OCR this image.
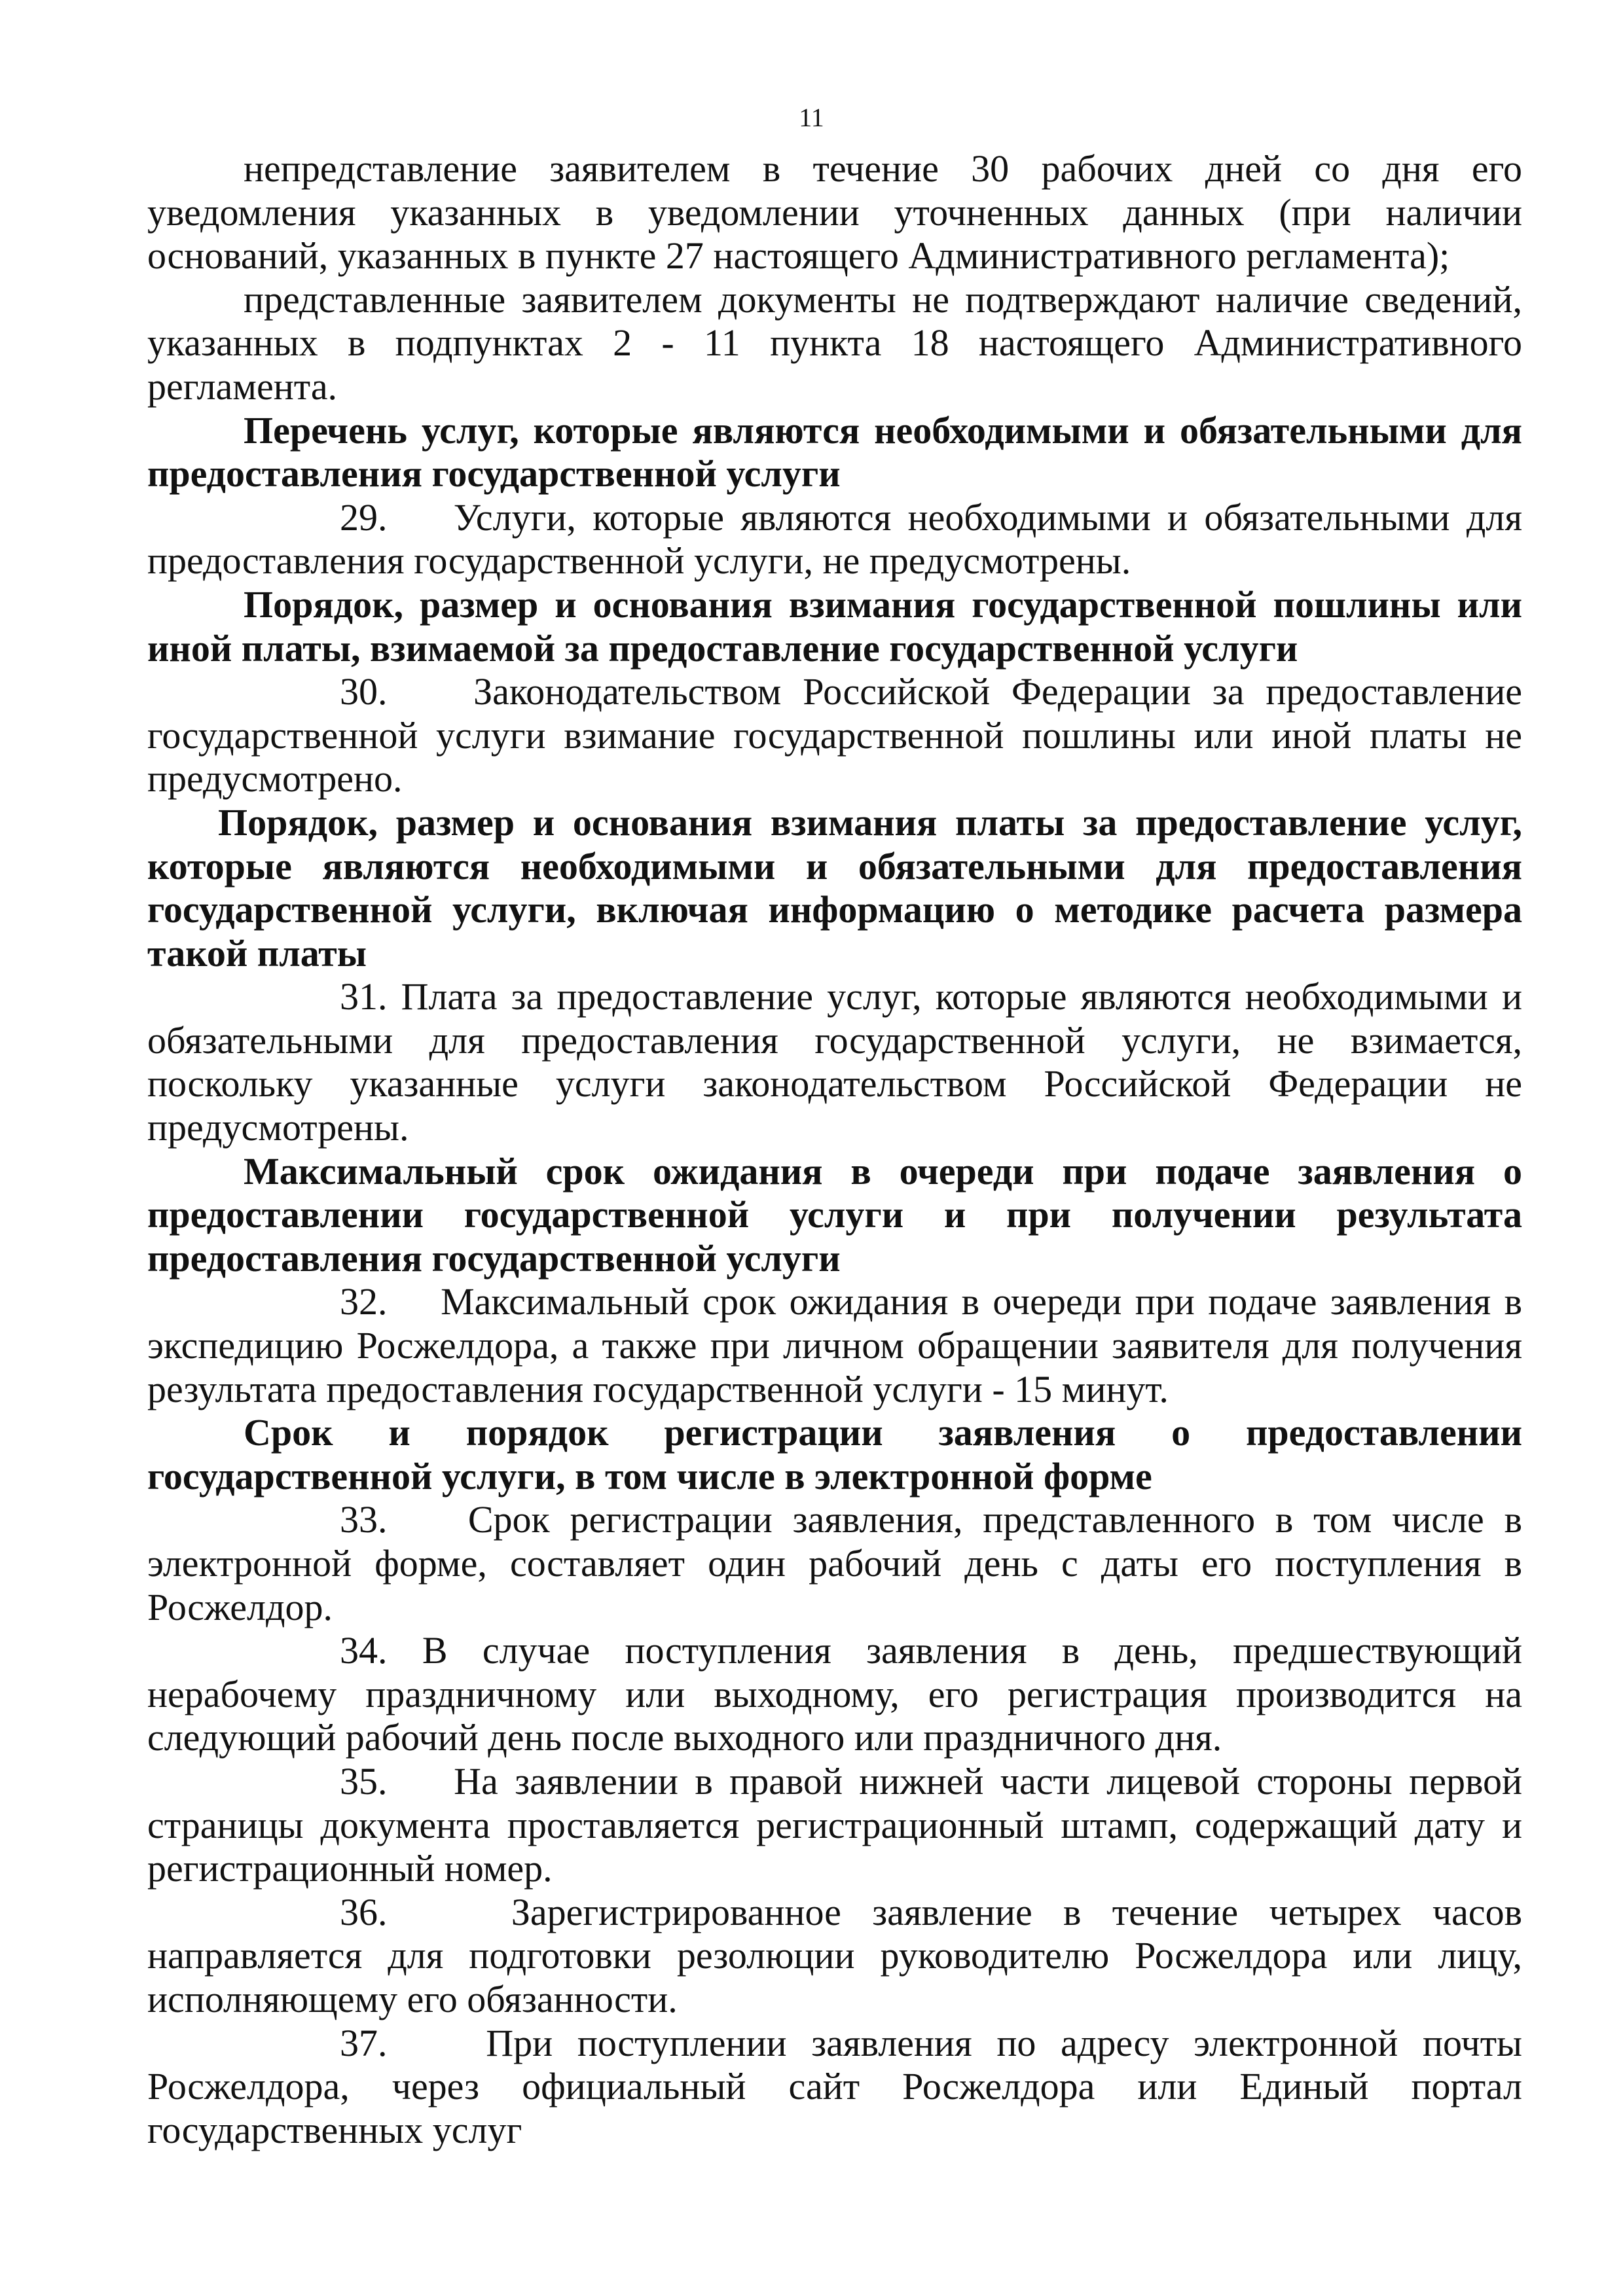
11

непредставление заявителем в течение 30 рабочих дней со дня его уведомления указанных в уведомлении уточненных данных (при наличии оснований, указанных в пункте 27 настоящего Административного регламента);

представленные заявителем документы не подтверждают наличие сведений, указанных в подпунктах 2 - 11 пункта 18 настоящего Административного регламента.

Перечень услуг, которые являются необходимыми и обязательными для предоставления государственной услуги

29. Услуги, которые являются необходимыми и обязательными для предоставления государственной услуги, не предусмотрены.

Порядок, размер и основания взимания государственной пошлины или иной платы, взимаемой за предоставление государственной услуги

30. Законодательством Российской Федерации за предоставление государственной услуги взимание государственной пошлины или иной платы не предусмотрено.

Порядок, размер и основания взимания платы за предоставление услуг, которые являются необходимыми и обязательными для предоставления государственной услуги, включая информацию о методике расчета размера такой платы

31. Плата за предоставление услуг, которые являются необходимыми и обязательными для предоставления государственной услуги, не взимается, поскольку указанные услуги законодательством Российской Федерации не предусмотрены.

Максимальный срок ожидания в очереди при подаче заявления о предоставлении государственной услуги и при получении результата предоставления государственной услуги

32. Максимальный срок ожидания в очереди при подаче заявления в экспедицию Росжелдора, а также при личном обращении заявителя для получения результата предоставления государственной услуги - 15 минут.

Срок и порядок регистрации заявления о предоставлении государственной услуги, в том числе в электронной форме

33. Срок регистрации заявления, представленного в том числе в электронной форме, составляет один рабочий день с даты его поступления в Росжелдор.

34. В случае поступления заявления в день, предшествующий нерабочему праздничному или выходному, его регистрация производится на следующий рабочий день после выходного или праздничного дня.

35. На заявлении в правой нижней части лицевой стороны первой страницы документа проставляется регистрационный штамп, содержащий дату и регистрационный номер.

36.	Зарегистрированное заявление в течение четырех часов направляется для подготовки резолюции руководителю Росжелдора или лицу, исполняющему его обязанности.

37.	При поступлении заявления по адресу электронной почты Росжелдора, через официальный сайт Росжелдора или Единый портал государственных услуг
